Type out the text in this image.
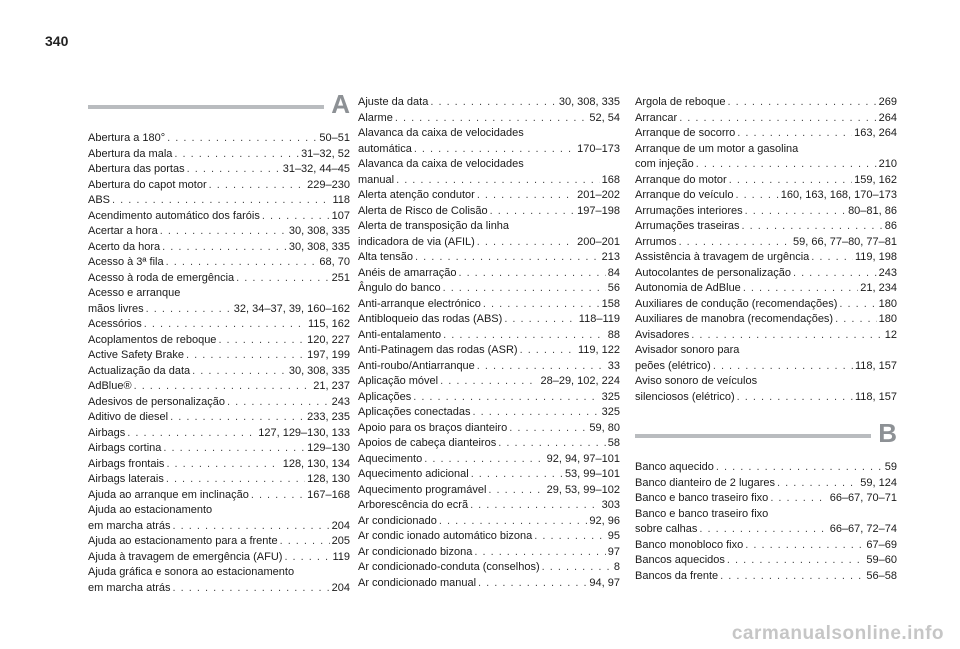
340
A
Abertura a 180° . . .	50–51
Abertura da mala . . .	31–32, 52
Abertura das portas . . .	31–32, 44–45
Abertura do capot motor . . .	229–230
ABS . . .	118
Acendimento automático dos faróis . . .	107
Acertar a hora . . .	30, 308, 335
Acerto da hora . . .	30, 308, 335
Acesso à 3ª fila . . .	68, 70
Acesso à roda de emergência . . .	251
Acesso e arranque
mãos livres . . .	32, 34–37, 39, 160–162
Acessórios . . .	115, 162
Acoplamentos de reboque . . .	120, 227
Active Safety Brake . . .	197, 199
Actualização da data . . .	30, 308, 335
AdBlue® . . .	21, 237
Adesivos de personalização . . .	243
Aditivo de diesel . . .	233, 235
Airbags . . .	127, 129–130, 133
Airbags cortina . . .	129–130
Airbags frontais . . .	128, 130, 134
Airbags laterais . . .	128, 130
Ajuda ao arranque em inclinação . . .	167–168
Ajuda ao estacionamento
em marcha atrás . . .	204
Ajuda ao estacionamento para a frente . . .	205
Ajuda à travagem de emergência (AFU) . . .	119
Ajuda gráfica e sonora ao estacionamento
em marcha atrás . . .	204
Ajuste da data . . .	30, 308, 335
Alarme . . .	52, 54
Alavanca da caixa de velocidades
automática . . .	170–173
Alavanca da caixa de velocidades
manual . . .	168
Alerta atenção condutor . . .	201–202
Alerta de Risco de Colisão . . .	197–198
Alerta de transposição da linha
indicadora de via (AFIL) . . .	200–201
Alta tensão . . .	213
Anéis de amarração . . .	84
Ângulo do banco . . .	56
Anti-arranque electrónico . . .	158
Antibloqueio das rodas (ABS) . . .	118–119
Anti-entalamento . . .	88
Anti-Patinagem das rodas (ASR) . . .	119, 122
Anti-roubo/Antiarranque . . .	33
Aplicação móvel . . .	28–29, 102, 224
Aplicações . . .	325
Aplicações conectadas . . .	325
Apoio para os braços dianteiro . . .	59, 80
Apoios de cabeça dianteiros . . .	58
Aquecimento . . .	92, 94, 97–101
Aquecimento adicional . . .	53, 99–101
Aquecimento programável . . .	29, 53, 99–102
Arborescência do ecrã . . .	303
Ar condicionado . . .	92, 96
Ar condic ionado automático bizona . . .	95
Ar condicionado bizona . . .	97
Ar condicionado-conduta (conselhos) . . .	8
Ar condicionado manual . . .	94, 97
Argola de reboque . . .	269
Arrancar . . .	264
Arranque de socorro . . .	163, 264
Arranque de um motor a gasolina
com injeção . . .	210
Arranque do motor . . .	159, 162
Arranque do veículo . . .	160, 163, 168, 170–173
Arrumações interiores . . .	80–81, 86
Arrumações traseiras . . .	86
Arrumos . . .	59, 66, 77–80, 77–81
Assistência à travagem de urgência . . .	119, 198
Autocolantes de personalização . . .	243
Autonomia de AdBlue . . .	21, 234
Auxiliares de condução (recomendações) . . .	180
Auxiliares de manobra (recomendações) . . .	180
Avisadores . . .	12
Avisador sonoro para
peões (elétrico) . . .	118, 157
Aviso sonoro de veículos
silenciosos (elétrico) . . .	118, 157
B
Banco aquecido . . .	59
Banco dianteiro de 2 lugares . . .	59, 124
Banco e banco traseiro fixo . . .	66–67, 70–71
Banco e banco traseiro fixo
sobre calhas . . .	66–67, 72–74
Banco monobloco fixo . . .	67–69
Bancos aquecidos . . .	59–60
Bancos da frente . . .	56–58
carmanualsonline.info
